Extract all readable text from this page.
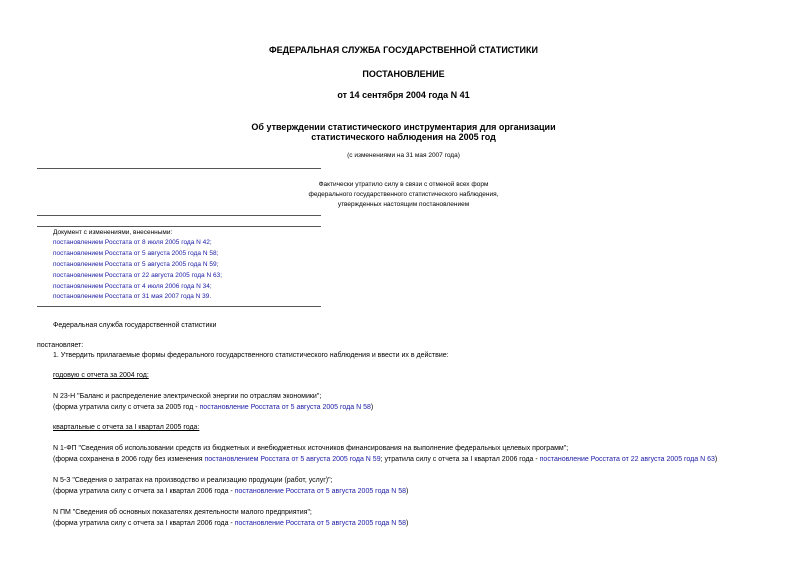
ФЕДЕРАЛЬНАЯ СЛУЖБА ГОСУДАРСТВЕННОЙ СТАТИСТИКИ
ПОСТАНОВЛЕНИЕ
от 14 сентября 2004 года N 41
Об утверждении статистического инструментария для организации
статистического наблюдения на 2005 год
(с изменениями на 31 мая 2007 года)
Фактически утратило силу в связи с отменой всех форм
федерального государственного статистического наблюдения,
утвержденных настоящим постановлением
Документ с изменениями, внесенными:
постановлением Росстата от 8 июля 2005 года N 42;
постановлением Росстата от 5 августа 2005 года N 58;
постановлением Росстата от 5 августа 2005 года N 59;
постановлением Росстата от 22 августа 2005 года N 63;
постановлением Росстата от 4 июля 2006 года N 34;
постановлением Росстата от 31 мая 2007 года N 39.
Федеральная служба государственной статистики
постановляет:
1. Утвердить прилагаемые формы федерального государственного статистического наблюдения и ввести их в действие:
годовую с отчета за 2004 год:
N 23-Н "Баланс и распределение электрической энергии по отраслям экономики";
(форма утратила силу с отчета за 2005 год - постановление Росстата от 5 августа 2005 года N 58)
квартальные с отчета за I квартал 2005 года:
N 1-ФП "Сведения об использовании средств из бюджетных и внебюджетных источников финансирования на выполнение федеральных целевых программ";
(форма сохранена в 2006 году без изменения постановлением Росстата от 5 августа 2005 года N 59; утратила силу с отчета за I квартал 2006 года - постановление Росстата от 22 августа 2005 года N 63)
N 5-З "Сведения о затратах на производство и реализацию продукции (работ, услуг)";
(форма утратила силу с отчета за I квартал 2006 года - постановление Росстата от 5 августа 2005 года N 58)
N ПМ "Сведения об основных показателях деятельности малого предприятия";
(форма утратила силу с отчета за I квартал 2006 года - постановление Росстата от 5 августа 2005 года N 58)
